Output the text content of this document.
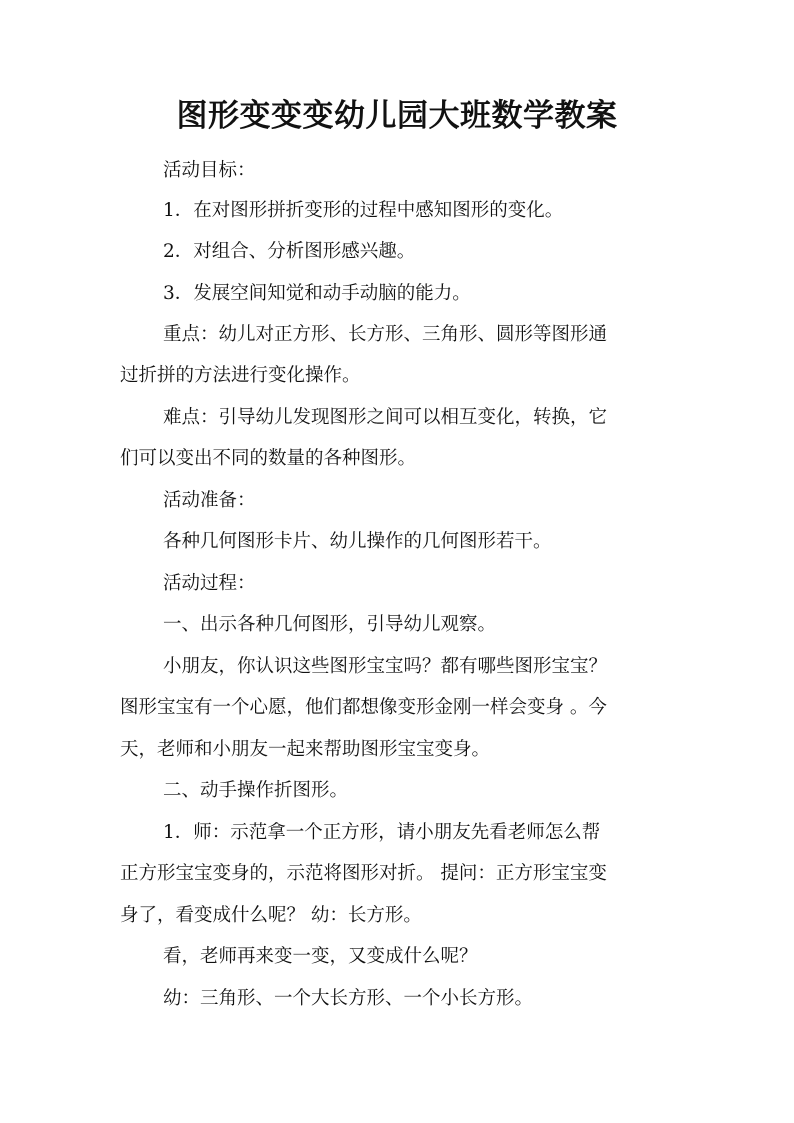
图形变变变幼儿园大班数学教案
活动目标：
1．在对图形拼折变形的过程中感知图形的变化。
2．对组合、分析图形感兴趣。
3．发展空间知觉和动手动脑的能力。
重点：幼儿对正方形、长方形、三角形、圆形等图形通
过折拼的方法进行变化操作。
难点：引导幼儿发现图形之间可以相互变化，转换，它
们可以变出不同的数量的各种图形。
活动准备：
各种几何图形卡片、幼儿操作的几何图形若干。
活动过程：
一、出示各种几何图形，引导幼儿观察。
小朋友，你认识这些图形宝宝吗？都有哪些图形宝宝？
图形宝宝有一个心愿，他们都想像变形金刚一样会变身 。今
天，老师和小朋友一起来帮助图形宝宝变身。
二、动手操作折图形。
1．师：示范拿一个正方形，请小朋友先看老师怎么帮
正方形宝宝变身的，示范将图形对折。 提问：正方形宝宝变
身了，看变成什么呢？ 幼：长方形。
看，老师再来变一变，又变成什么呢？
幼：三角形、一个大长方形、一个小长方形。
